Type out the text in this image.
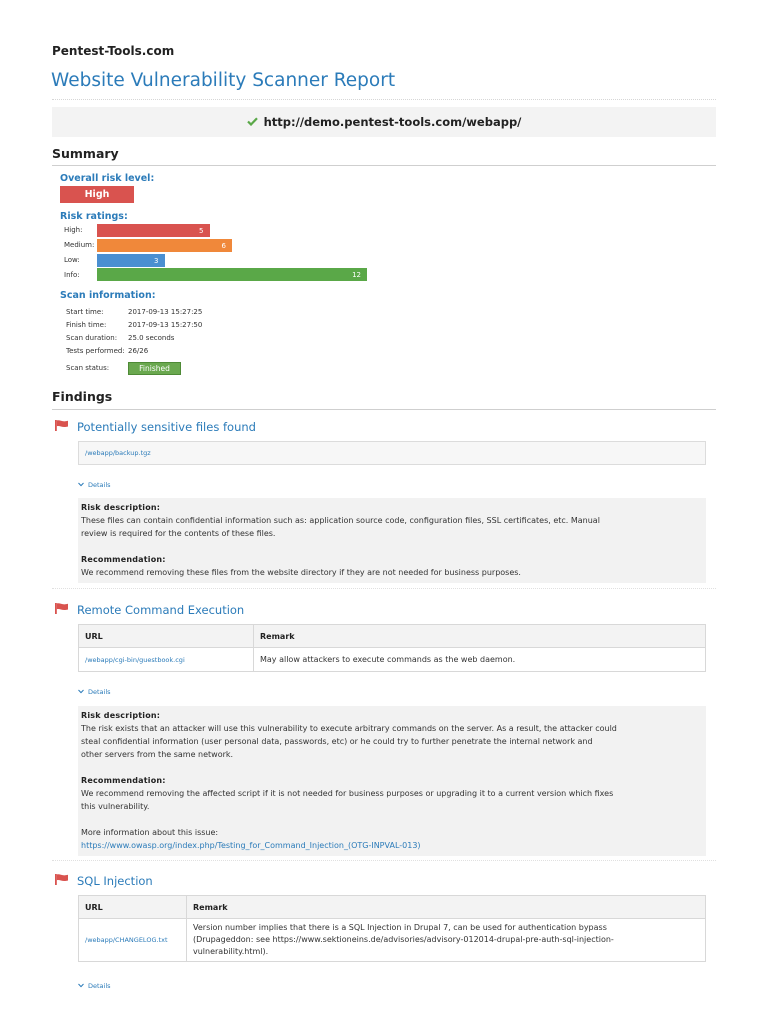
Pentest-Tools.com
Website Vulnerability Scanner Report
http://demo.pentest-tools.com/webapp/
Summary
Overall risk level:
High
Risk ratings:
High:	5
Medium:	6
Low:	3
Info:	12
Scan information:
Start time:	2017-09-13 15:27:25
Finish time:	2017-09-13 15:27:50
Scan duration: 25.0 seconds
Tests performed: 26/26
Scan status:	Finished
Findings
Potentially sensitive files found
/webapp/backup.tgz
Details
Risk description:
These files can contain confidential information such as: application source code, configuration files, SSL certificates, etc. Manual
review is required for the contents of these files.
Recommendation:
We recommend removing these files from the website directory if they are not needed for business purposes.
Remote Command Execution
URL	Remark
/webapp/cgi-bin/guestbook.cgi	May allow attackers to execute commands as the web daemon.
Details
Risk description:
The risk exists that an attacker will use this vulnerability to execute arbitrary commands on the server. As a result, the attacker could
steal confidential information (user personal data, passwords, etc) or he could try to further penetrate the internal network and
other servers from the same network.
Recommendation:
We recommend removing the affected script if it is not needed for business purposes or upgrading it to a current version which fixes
this vulnerability.
More information about this issue:
https://www.owasp.org/index.php/Testing_for_Command_Injection_(OTG-INPVAL-013)
SQL Injection
URL	Remark
/webapp/CHANGELOG.txt	Version number implies that there is a SQL Injection in Drupal 7, can be used for authentication bypass
(Drupageddon: see https://www.sektioneins.de/advisories/advisory-012014-drupal-pre-auth-sql-injection-
vulnerability.html).
Details
